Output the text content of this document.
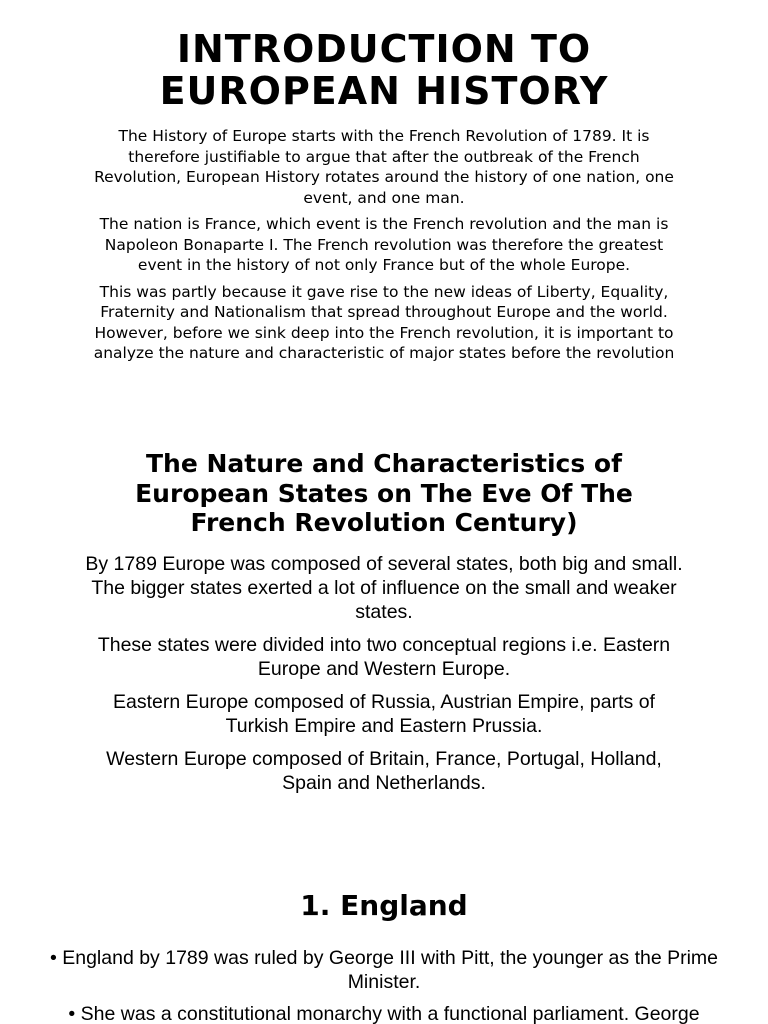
INTRODUCTION TO
EUROPEAN HISTORY

The History of Europe starts with the French Revolution of 1789. It is therefore justifiable to argue that after the outbreak of the French Revolution, European History rotates around the history of one nation, one event, and one man.

The nation is France, which event is the French revolution and the man is Napoleon Bonaparte I. The French revolution was therefore the greatest event in the history of not only France but of the whole Europe.

This was partly because it gave rise to the new ideas of Liberty, Equality, Fraternity and Nationalism that spread throughout Europe and the world. However, before we sink deep into the French revolution, it is important to analyze the nature and characteristic of major states before the revolution

The Nature and Characteristics of
European States on The Eve Of The
French Revolution Century)

By 1789 Europe was composed of several states, both big and small. The bigger states exerted a lot of influence on the small and weaker states.

These states were divided into two conceptual regions i.e. Eastern Europe and Western Europe.

Eastern Europe composed of Russia, Austrian Empire, parts of Turkish Empire and Eastern Prussia.

Western Europe composed of Britain, France, Portugal, Holland, Spain and Netherlands.

1. England

• England by 1789 was ruled by George III with Pitt, the younger as the Prime Minister.

• She was a constitutional monarchy with a functional parliament. George
